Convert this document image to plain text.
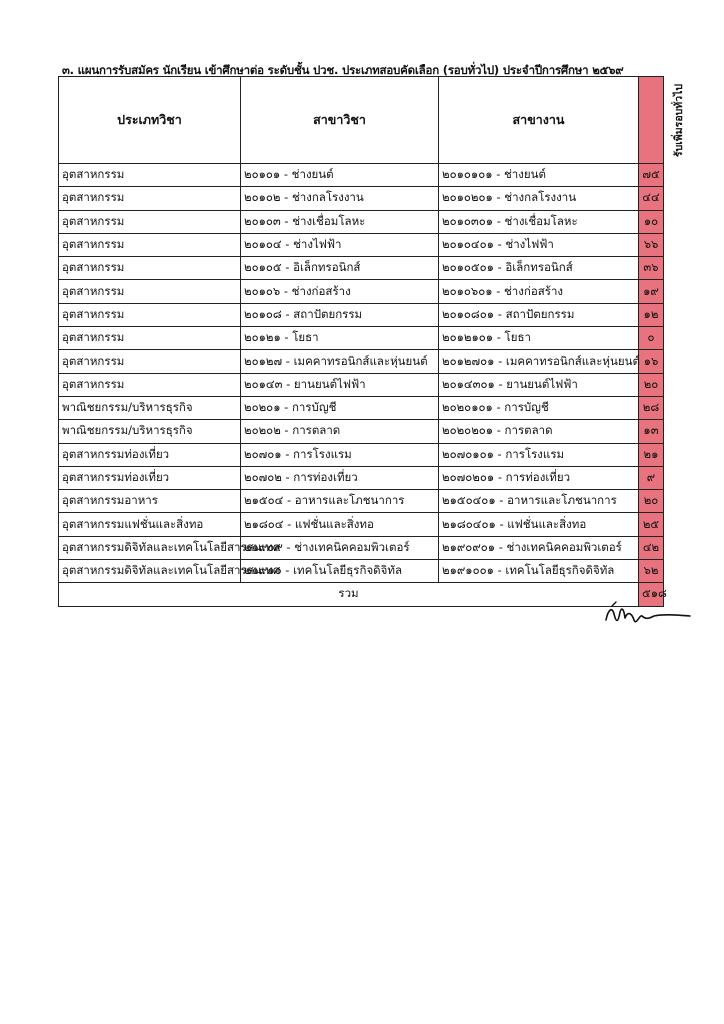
๓. แผนการรับสมัคร นักเรียน เข้าศึกษาต่อ ระดับชั้น ปวช. ประเภทสอบคัดเลือก (รอบทั่วไป) ประจำปีการศึกษา ๒๕๖๙
ประเภทวิชา	สาขาวิชา	สาขางาน	รับเพิ่มรอบทั่วไป
อุตสาหกรรม	๒๐๑๐๑ - ช่างยนต์	๒๐๑๐๑๐๑ - ช่างยนต์	๗๕
อุตสาหกรรม	๒๐๑๐๒ - ช่างกลโรงงาน	๒๐๑๐๒๐๑ - ช่างกลโรงงาน	๔๔
อุตสาหกรรม	๒๐๑๐๓ - ช่างเชื่อมโลหะ	๒๐๑๐๓๐๑ - ช่างเชื่อมโลหะ	๑๐
อุตสาหกรรม	๒๐๑๐๔ - ช่างไฟฟ้า	๒๐๑๐๔๐๑ - ช่างไฟฟ้า	๖๖
อุตสาหกรรม	๒๐๑๐๕ - อิเล็กทรอนิกส์	๒๐๑๐๕๐๑ - อิเล็กทรอนิกส์	๓๖
อุตสาหกรรม	๒๐๑๐๖ - ช่างก่อสร้าง	๒๐๑๐๖๐๑ - ช่างก่อสร้าง	๑๙
อุตสาหกรรม	๒๐๑๐๘ - สถาปัตยกรรม	๒๐๑๐๘๐๑ - สถาปัตยกรรม	๑๒
อุตสาหกรรม	๒๐๑๒๑ - โยธา	๒๐๑๒๑๐๑ - โยธา	๐
อุตสาหกรรม	๒๐๑๒๗ - เมคคาทรอนิกส์และหุ่นยนต์	๒๐๑๒๗๐๑ - เมคคาทรอนิกส์และหุ่นยนต์	๑๖
อุตสาหกรรม	๒๐๑๔๓ - ยานยนต์ไฟฟ้า	๒๐๑๔๓๐๑ - ยานยนต์ไฟฟ้า	๒๐
พาณิชยกรรม/บริหารธุรกิจ	๒๐๒๐๑ - การบัญชี	๒๐๒๐๑๐๑ - การบัญชี	๒๘
พาณิชยกรรม/บริหารธุรกิจ	๒๐๒๐๒ - การตลาด	๒๐๒๐๒๐๑ - การตลาด	๑๓
อุตสาหกรรมท่องเที่ยว	๒๐๗๐๑ - การโรงแรม	๒๐๗๐๑๐๑ - การโรงแรม	๒๑
อุตสาหกรรมท่องเที่ยว	๒๐๗๐๒ - การท่องเที่ยว	๒๐๗๐๒๐๑ - การท่องเที่ยว	๙
อุตสาหกรรมอาหาร	๒๑๕๐๔ - อาหารและโภชนาการ	๒๑๕๐๔๐๑ - อาหารและโภชนาการ	๒๐
อุตสาหกรรมแฟชั่นและสิ่งทอ	๒๑๘๐๔ - แฟชั่นและสิ่งทอ	๒๑๘๐๔๐๑ - แฟชั่นและสิ่งทอ	๒๕
อุตสาหกรรมดิจิทัลและเทคโนโลยีสารสนเทศ	๒๑๙๐๙ - ช่างเทคนิคคอมพิวเตอร์	๒๑๙๐๙๐๑ - ช่างเทคนิคคอมพิวเตอร์	๔๒
อุตสาหกรรมดิจิทัลและเทคโนโลยีสารสนเทศ	๒๑๙๑๐ - เทคโนโลยีธุรกิจดิจิทัล	๒๑๙๑๐๐๑ - เทคโนโลยีธุรกิจดิจิทัล	๖๒
รวม			๕๑๘
